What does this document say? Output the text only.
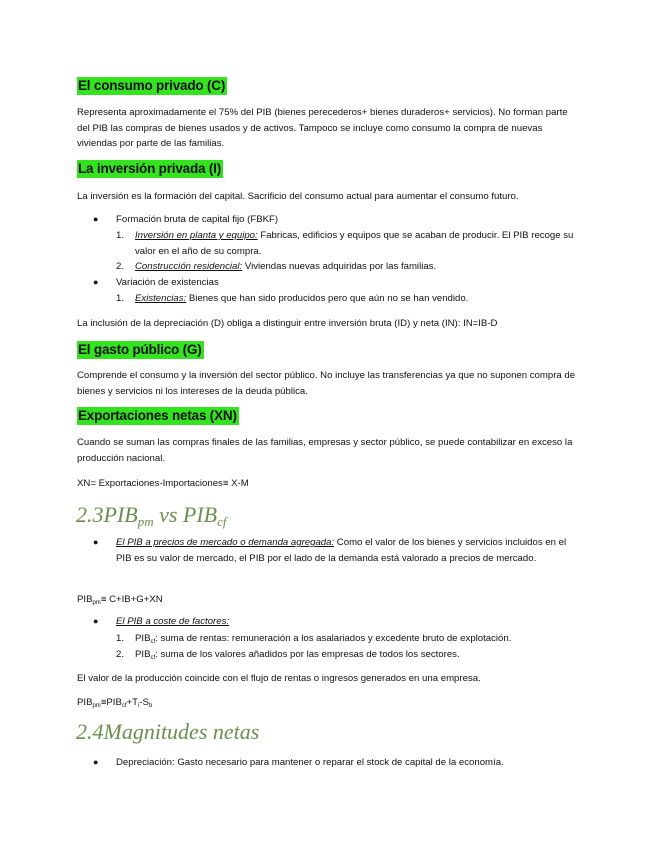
El consumo privado (C)

Representa aproximadamente el 75% del PIB (bienes perecederos+ bienes duraderos+ servicios). No forman parte del PIB las compras de bienes usados y de activos. Tampoco se incluye como consumo la compra de nuevas viviendas por parte de las familias.

La inversión privada (I)

La inversión es la formación del capital. Sacrificio del consumo actual para aumentar el consumo futuro.

●	Formación bruta de capital fijo (FBKF)
1. Inversión en planta y equipo: Fabricas, edificios y equipos que se acaban de producir. El PIB recoge su valor en el año de su compra.
2. Construcción residencial: Viviendas nuevas adquiridas por las familias.
●	Variación de existencias
1. Existencias: Bienes que han sido producidos pero que aún no se han vendido.

La inclusión de la depreciación (D) obliga a distinguir entre inversión bruta (ID) y neta (IN): IN=IB-D

El gasto público (G)

Comprende el consumo y la inversión del sector público. No incluye las transferencias ya que no suponen compra de bienes y servicios ni los intereses de la deuda pública.

Exportaciones netas (XN)

Cuando se suman las compras finales de las familias, empresas y sector público, se puede contabilizar en exceso la producción nacional.

XN= Exportaciones-Importaciones≡ X-M

$2.3PIB_{pm}$ vs $PIB_{cf}$
●	El PIB a precios de mercado o demanda agregada: Como el valor de los bienes y servicios incluidos en el PIB es su valor de mercado, el PIB por el lado de la demanda está valorado a precios de mercado.
$PIB_{pm}\equiv C+IB+G+XN$
●	El PIB a coste de factores:
1. $PIB_{cf}$: suma de rentas: remuneración a los asalariados y excedente bruto de explotación.
2. $PIB_{cf}$: suma de los valores añadidos por las empresas de todos los sectores.

El valor de la producción coincide con el flujo de rentas o ingresos generados en una empresa.

$PIB_{pm}\equiv PIB_{cf}+T_i-S_b$
2.4Magnitudes netas
●	Depreciación: Gasto necesario para mantener o reparar el stock de capital de la economía.
